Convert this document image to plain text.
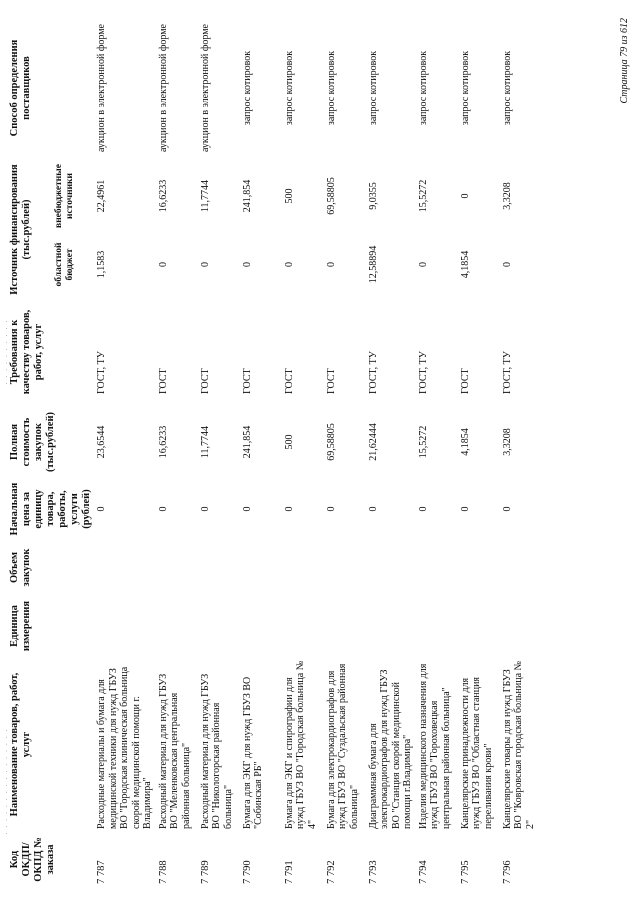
· · · · · · · · · · · · · · · ·
· · · · · · · · · ·
Код ОКДП/ ОКПД № заказа	Наименование товаров, работ, услуг	Единица измерения	Объем закупок	Начальная цена за единицу товара, работы, услуги (рублей)	Полная стоимость закупок (тыс.рублей)	Требования к качеству товаров, работ, услуг	Источник финансирования (тыс.рублей)		Способ определения поставщиков
							областной бюджет	внебюджетные источники	
7 787	Расходные материалы и бумага для медицинской техники для нужд ГБУЗ ВО "Городская клиническая больница скорой медицинской помощи г. Владимира"			0	23,6544	ГОСТ, ТУ	1,1583	22,4961	аукцион в электронной форме
7 788	Расходный материал для нужд ГБУЗ ВО "Меленковская центральная районная больница"			0	16,6233	ГОСТ	0	16,6233	аукцион в электронной форме
7 789	Расходный материал для нужд ГБУЗ ВО "Никологорская районная больница"			0	11,7744	ГОСТ	0	11,7744	аукцион в электронной форме
7 790	Бумага для ЭКГ для нужд ГБУЗ ВО "Собинская РБ"			0	241,854	ГОСТ	0	241,854	запрос котировок
7 791	Бумага для ЭКГ и спирографии для нужд ГБУЗ ВО "Городская больница № 4"			0	500	ГОСТ	0	500	запрос котировок
7 792	Бумага для электрокардиографов для нужд ГБУЗ ВО "Суздальская районная больница"			0	69,58805	ГОСТ	0	69,58805	запрос котировок
7 793	Диаграммная бумага для электрокардиографов для нужд ГБУЗ ВО "Станция скорой медицинской помощи г.Владимира"			0	21,62444	ГОСТ, ТУ	12,58894	9,0355	запрос котировок
7 794	Изделия медицинского назначения для нужд ГБУЗ ВО "Гороховецкая центральная районная больница"			0	15,5272	ГОСТ, ТУ	0	15,5272	запрос котировок
7 795	Канцелярские принадлежности для нужд ГБУЗ ВО "Областная станция переливания крови"			0	4,1854	ГОСТ	4,1854	0	запрос котировок
7 796	Канцелярские товары для нужд ГБУЗ ВО "Ковровская городская больница № 2"			0	3,3208	ГОСТ, ТУ	0	3,3208	запрос котировок	Страница 79 из 612
